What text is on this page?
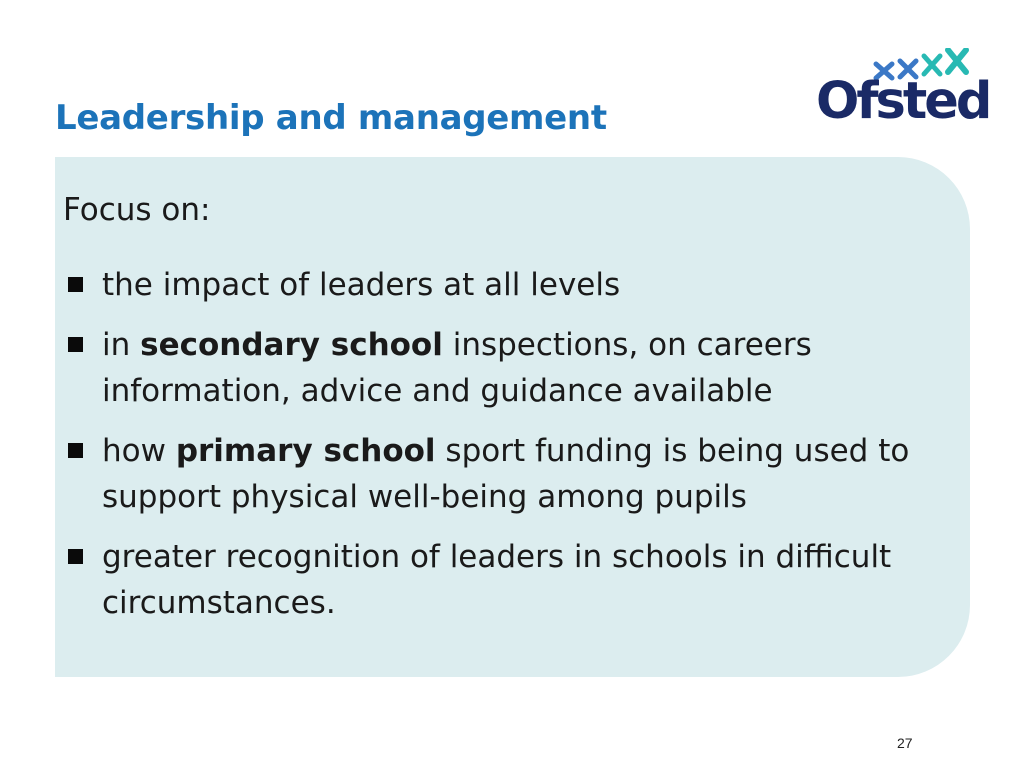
Leadership and management	Ofsted

Focus on:

the impact of leaders at all levels
in secondary school inspections, on careers information, advice and guidance available
how primary school sport funding is being used to support physical well-being among pupils
greater recognition of leaders in schools in difficult circumstances.
27
